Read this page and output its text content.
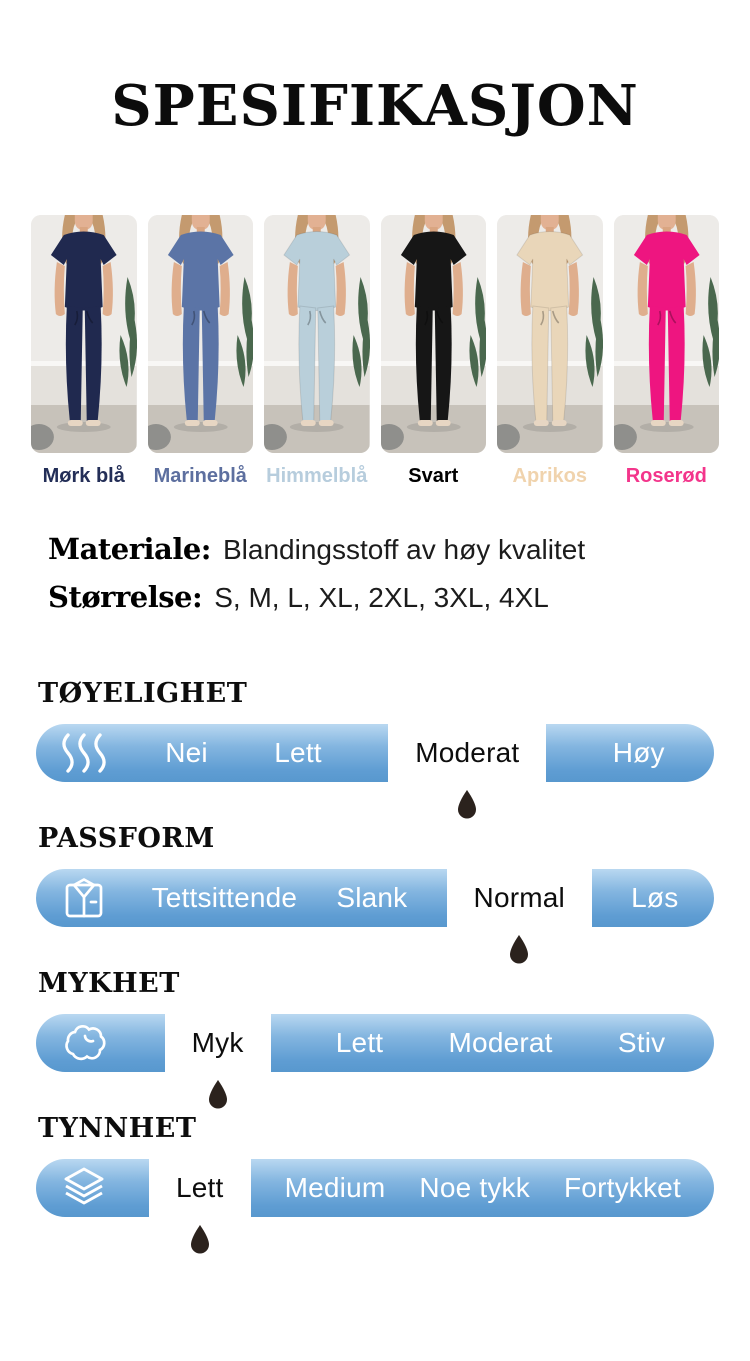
SPESIFIKASJON
Mørk blå	Marineblå Himmelblå	Svart	Aprikos	Roserød
Materiale: Blandingsstoff av høy kvalitet
Størrelse: S, M, L, XL, 2XL, 3XL, 4XL
TØYELIGHET
Nei Lett	Moderat	Høy
PASSFORM
Tettsittende Slank	Normal	Løs
MYKHET
Myk	Lett Moderat Stiv
TYNNHET
Lett	Medium Noe tykk Fortykket
